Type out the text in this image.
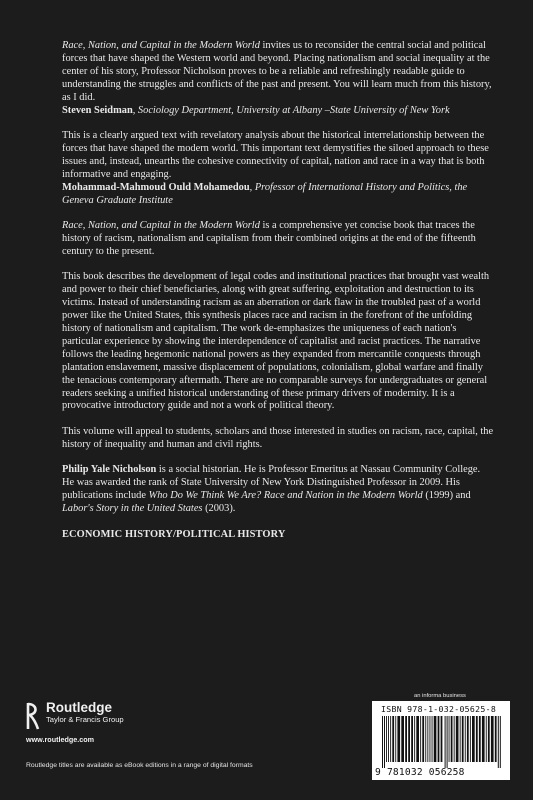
Race, Nation, and Capital in the Modern World invites us to reconsider the central social and political forces that have shaped the Western world and beyond. Placing nationalism and social inequality at the center of his story, Professor Nicholson proves to be a reliable and refreshingly readable guide to understanding the struggles and conflicts of the past and present. You will learn much from this history, as I did.
Steven Seidman, Sociology Department, University at Albany –State University of New York

This is a clearly argued text with revelatory analysis about the historical interrelationship between the forces that have shaped the modern world. This important text demystifies the siloed approach to these issues and, instead, unearths the cohesive connectivity of capital, nation and race in a way that is both informative and engaging.
Mohammad-Mahmoud Ould Mohamedou, Professor of International History and Politics, the Geneva Graduate Institute

Race, Nation, and Capital in the Modern World is a comprehensive yet concise book that traces the history of racism, nationalism and capitalism from their combined origins at the end of the fifteenth century to the present.

This book describes the development of legal codes and institutional practices that brought vast wealth and power to their chief beneficiaries, along with great suffering, exploitation and destruction to its victims. Instead of understanding racism as an aberration or dark flaw in the troubled past of a world power like the United States, this synthesis places race and racism in the forefront of the unfolding history of nationalism and capitalism. The work de-emphasizes the uniqueness of each nation's particular experience by showing the interdependence of capitalist and racist practices. The narrative follows the leading hegemonic national powers as they expanded from mercantile conquests through plantation enslavement, massive displacement of populations, colonialism, global warfare and finally the tenacious contemporary aftermath. There are no comparable surveys for undergraduates or general readers seeking a unified historical understanding of these primary drivers of modernity. It is a provocative introductory guide and not a work of political theory.

This volume will appeal to students, scholars and those interested in studies on racism, race, capital, the history of inequality and human and civil rights.

Philip Yale Nicholson is a social historian. He is Professor Emeritus at Nassau Community College. He was awarded the rank of State University of New York Distinguished Professor in 2009. His publications include Who Do We Think We Are? Race and Nation in the Modern World (1999) and Labor's Story in the United States (2003).

ECONOMIC HISTORY/POLITICAL HISTORY

Routledge
Taylor & Francis Group
www.routledge.com
Routledge titles are available as eBook editions in a range of digital formats
an informa business
ISBN 978-1-032-05625-8
9 781032 056258
